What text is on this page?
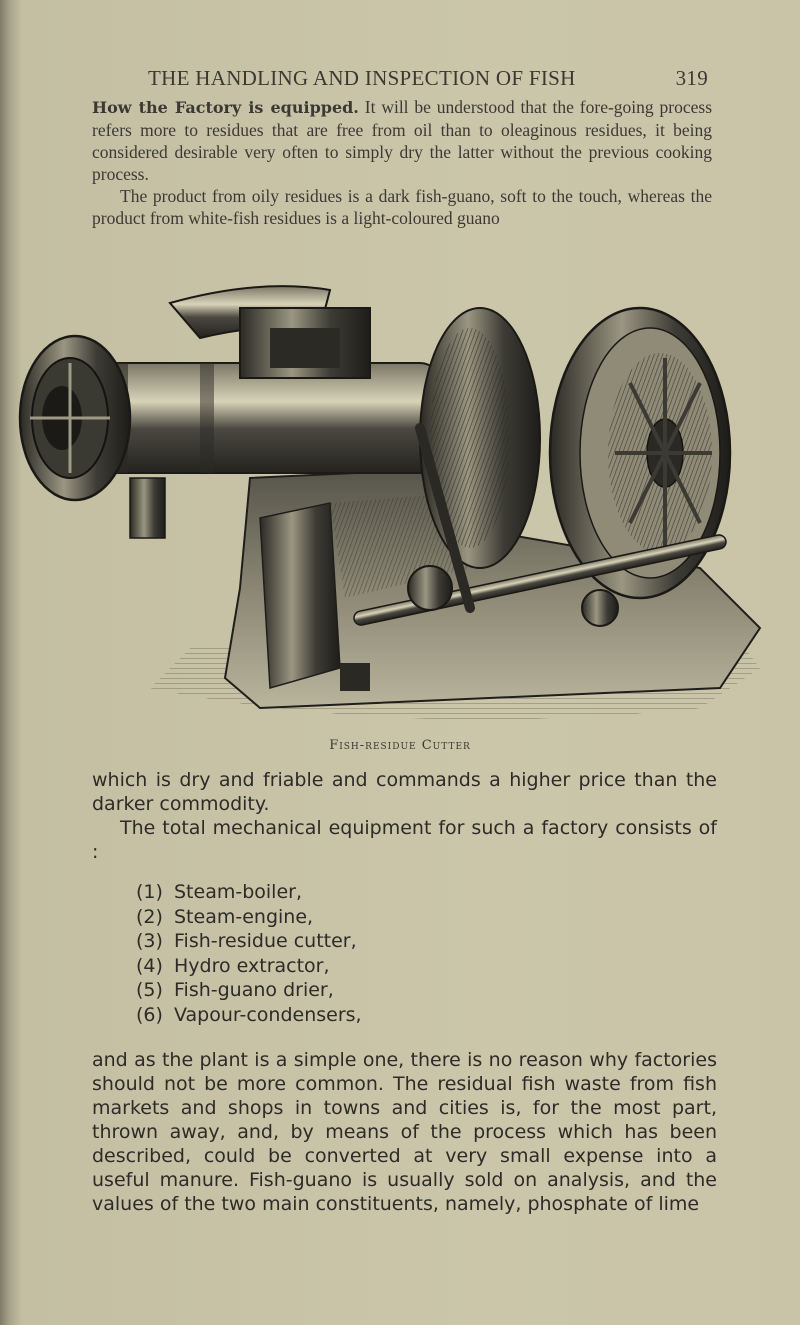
THE HANDLING AND INSPECTION OF FISH	319

How the Factory is equipped. It will be understood that the fore-going process refers more to residues that are free from oil than to oleaginous residues, it being considered desirable very often to simply dry the latter without the previous cooking process.

The product from oily residues is a dark fish-guano, soft to the touch, whereas the product from white-fish residues is a light-coloured guano

Fish-residue Cutter

which is dry and friable and commands a higher price than the darker commodity.

The total mechanical equipment for such a factory consists of :

(1) Steam-boiler,
(2) Steam-engine,
(3) Fish-residue cutter,
(4) Hydro extractor,
(5) Fish-guano drier,
(6) Vapour-condensers,

and as the plant is a simple one, there is no reason why factories should not be more common. The residual fish waste from fish markets and shops in towns and cities is, for the most part, thrown away, and, by means of the process which has been described, could be converted at very small expense into a useful manure. Fish-guano is usually sold on analysis, and the values of the two main constituents, namely, phosphate of lime
